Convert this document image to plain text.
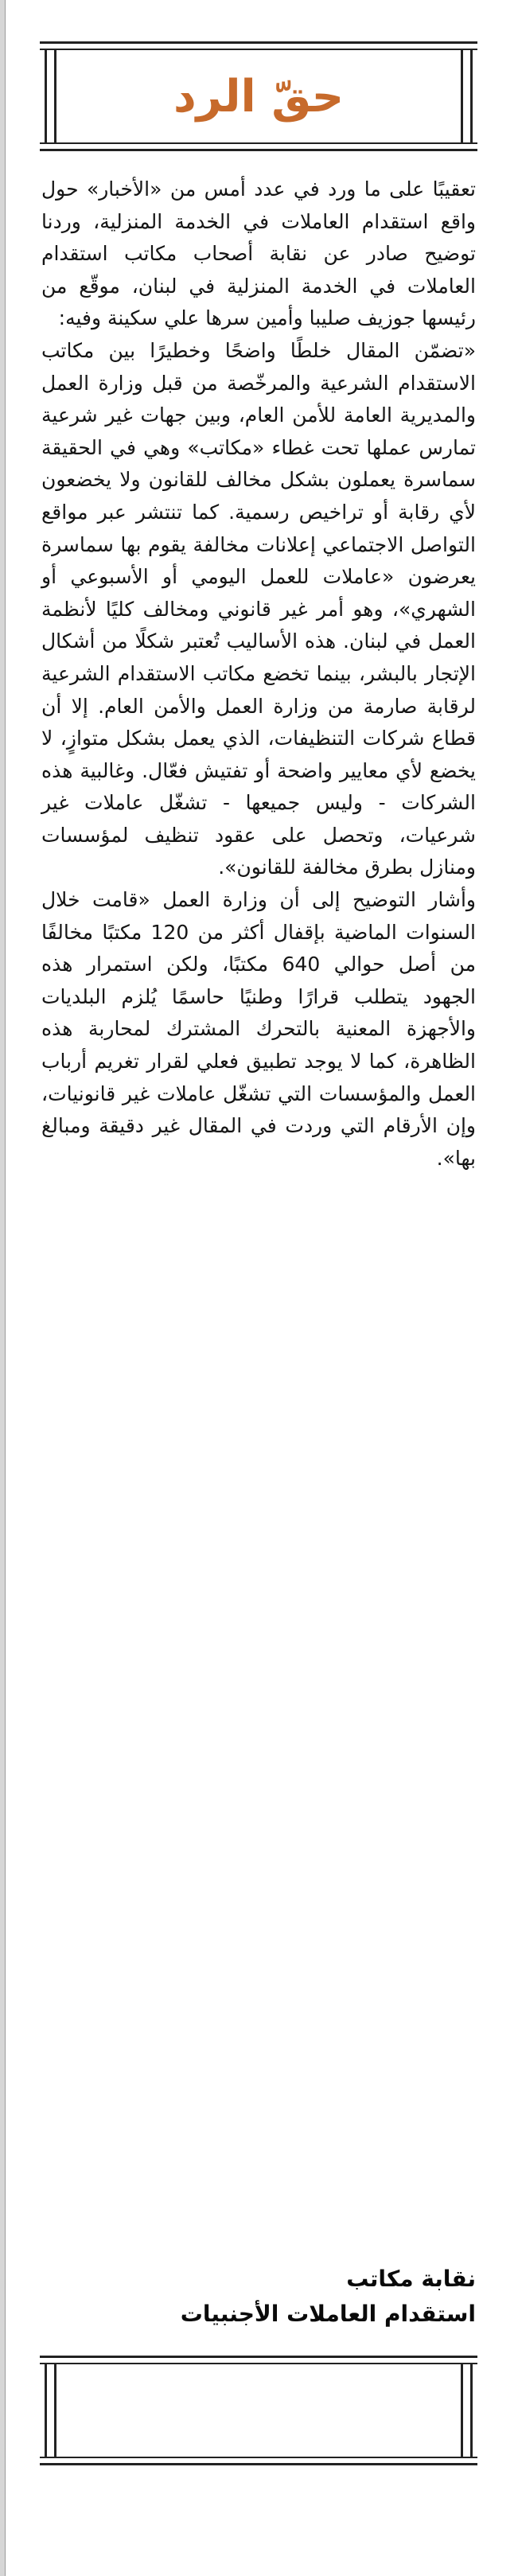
حقّ الرد

تعقيبًا على ما ورد في عدد أمس من «الأخبار» حول واقع استقدام العاملات في الخدمة المنزلية، وردنا توضيح صادر عن نقابة أصحاب مكاتب استقدام العاملات في الخدمة المنزلية في لبنان، موقّع من رئيسها جوزيف صليبا وأمين سرها علي سكينة وفيه:

«تضمّن المقال خلطًا واضحًا وخطيرًا بين مكاتب الاستقدام الشرعية والمرخّصة من قبل وزارة العمل والمديرية العامة للأمن العام، وبين جهات غير شرعية تمارس عملها تحت غطاء «مكاتب» وهي في الحقيقة سماسرة يعملون بشكل مخالف للقانون ولا يخضعون لأي رقابة أو تراخيص رسمية. كما تنتشر عبر مواقع التواصل الاجتماعي إعلانات مخالفة يقوم بها سماسرة يعرضون «عاملات للعمل اليومي أو الأسبوعي أو الشهري»، وهو أمر غير قانوني ومخالف كليًا لأنظمة العمل في لبنان. هذه الأساليب تُعتبر شكلًا من أشكال الإتجار بالبشر، بينما تخضع مكاتب الاستقدام الشرعية لرقابة صارمة من وزارة العمل والأمن العام. إلا أن قطاع شركات التنظيفات، الذي يعمل بشكل متوازٍ، لا يخضع لأي معايير واضحة أو تفتيش فعّال. وغالبية هذه الشركات - وليس جميعها - تشغّل عاملات غير شرعيات، وتحصل على عقود تنظيف لمؤسسات ومنازل بطرق مخالفة للقانون».

وأشار التوضيح إلى أن وزارة العمل «قامت خلال السنوات الماضية بإقفال أكثر من 120 مكتبًا مخالفًا من أصل حوالي 640 مكتبًا، ولكن استمرار هذه الجهود يتطلب قرارًا وطنيًا حاسمًا يُلزم البلديات والأجهزة المعنية بالتحرك المشترك لمحاربة هذه الظاهرة، كما لا يوجد تطبيق فعلي لقرار تغريم أرباب العمل والمؤسسات التي تشغّل عاملات غير قانونيات، وإن الأرقام التي وردت في المقال غير دقيقة ومبالغ بها».

نقابة مكاتب
استقدام العاملات الأجنبيات
